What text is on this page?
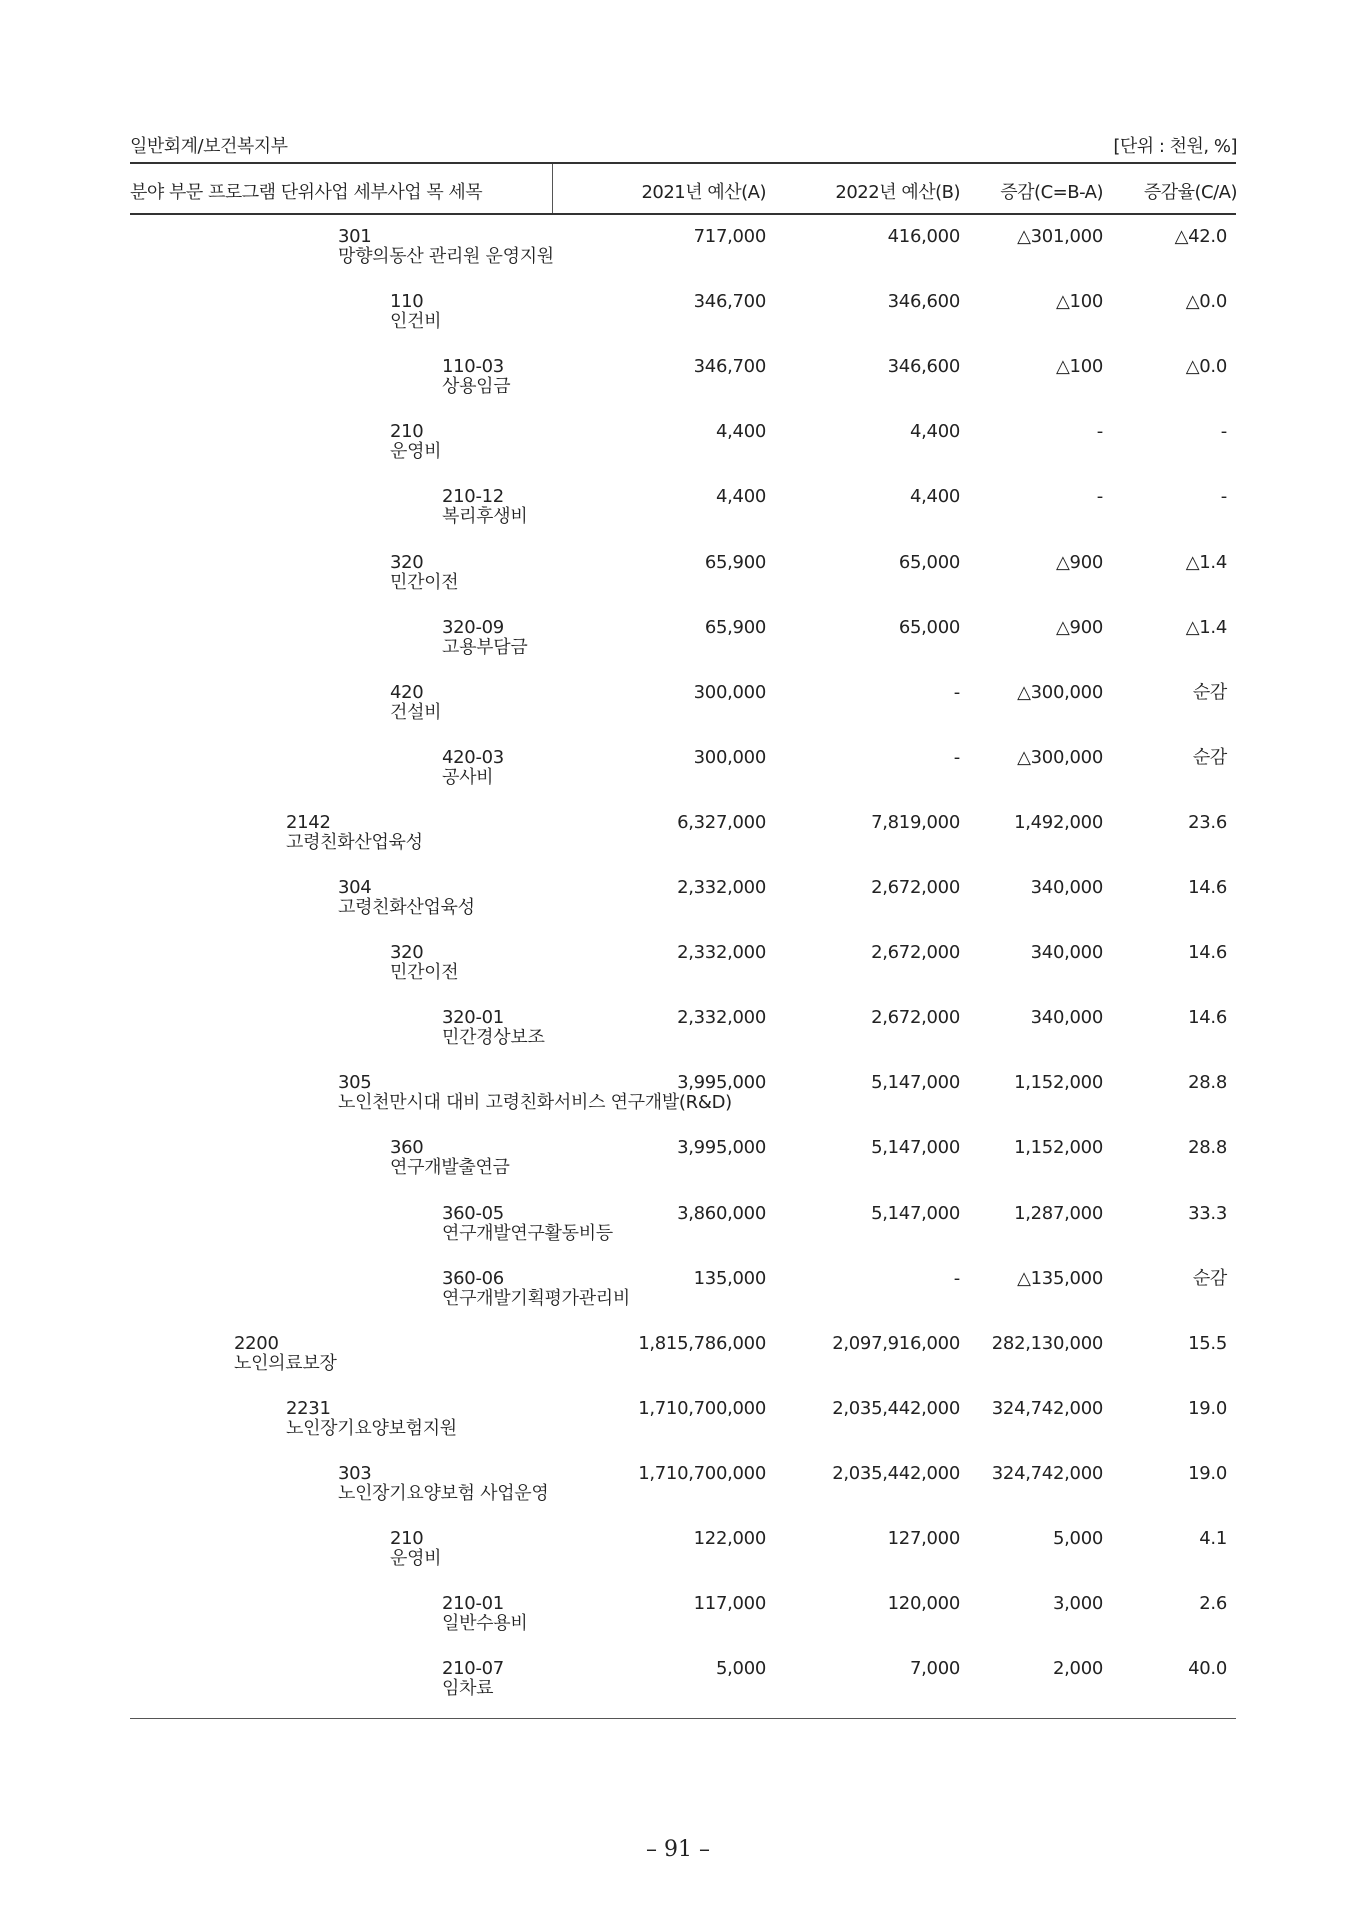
일반회계/보건복지부	[단위 : 천원, %]
분야 부문 프로그램 단위사업 세부사업 목 세목	2021년 예산(A)	2022년 예산(B) 증감(C=B-A) 증감율(C/A)
301
망향의동산 관리원 운영지원
717,000	416,000	△301,000	△42.0
110
인건비
346,700	346,600	△100	△0.0
110-03
상용임금
346,700	346,600	△100	△0.0
210
운영비
4,400	4,400	-	-
210-12
복리후생비
4,400	4,400	-	-
320
민간이전
65,900	65,000	△900	△1.4
320-09
고용부담금
65,900	65,000	△900	△1.4
420
건설비
300,000	-	△300,000	순감
420-03
공사비
300,000	-	△300,000	순감
2142
고령친화산업육성
6,327,000	7,819,000	1,492,000	23.6
304
고령친화산업육성
2,332,000	2,672,000	340,000	14.6
320
민간이전
2,332,000	2,672,000	340,000	14.6
320-01
민간경상보조
2,332,000	2,672,000	340,000	14.6
305
노인천만시대 대비 고령친화서비스 연구개발(R&D)
3,995,000	5,147,000	1,152,000	28.8
360
연구개발출연금
3,995,000	5,147,000	1,152,000	28.8
360-05
연구개발연구활동비등
3,860,000	5,147,000	1,287,000	33.3
360-06
연구개발기획평가관리비
135,000	-	△135,000	순감
2200
노인의료보장
1,815,786,000	2,097,916,000 282,130,000	15.5
2231
노인장기요양보험지원
1,710,700,000	2,035,442,000 324,742,000	19.0
303
노인장기요양보험 사업운영
1,710,700,000	2,035,442,000 324,742,000	19.0
210
운영비
122,000	127,000	5,000	4.1
210-01
일반수용비
117,000	120,000	3,000	2.6
210-07
임차료
5,000	7,000	2,000	40.0
– 91 –
